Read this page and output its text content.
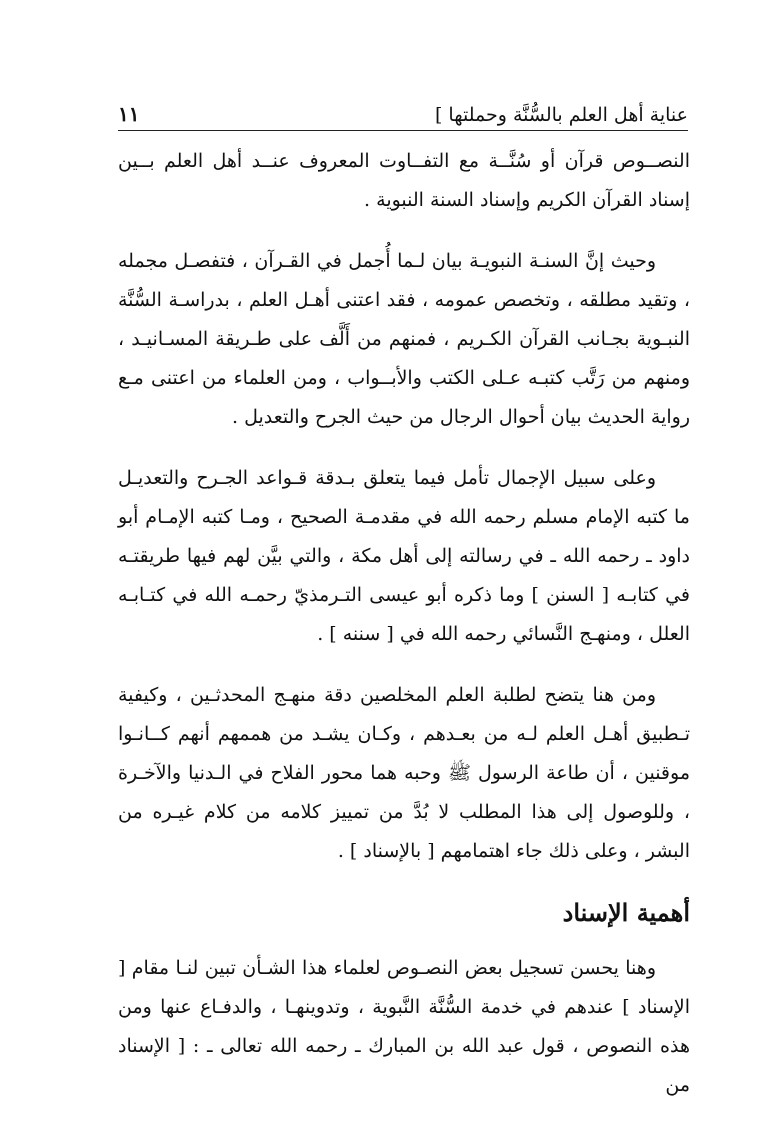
عناية أهل العلم بالسُّنَّة وحملتها ]
١١

النصــوص قرآن أو سُنَّــة مع التفــاوت المعروف عنــد أهل العلم بــين إسناد القرآن الكريم وإسناد السنة النبوية .

وحيث إنَّ السنـة النبويـة بيان لـما أُجمل في القـرآن ، فتفصـل مجمله ، وتقيد مطلقه ، وتخصص عمومه ، فقد اعتنى أهـل العلم ، بدراسـة السُّنَّة النبـوية بجـانب القرآن الكـريم ، فمنهم من أَلَّف على طـريقة المسـانيـد ، ومنهم من رَتَّب كتبـه عـلى الكتب والأبــواب ، ومن العلماء من اعتنى مـع رواية الحديث بيان أحوال الرجال من حيث الجرح والتعديل .

وعلى سبيل الإجمال تأمل فيما يتعلق بـدقة قـواعد الجـرح والتعديـل ما كتبه الإمام مسلم رحمه الله في مقدمـة الصحيح ، ومـا كتبه الإمـام أبو داود ـ رحمه الله ـ في رسالته إلى أهل مكة ، والتي بيَّن لهم فيها طريقتـه في كتابـه [ السنن ] وما ذكره أبو عيسى التـرمذيّ رحمـه الله في كتـابـه العلل ، ومنهـج النَّسائي رحمه الله في [ سننه ] .

ومن هنا يتضح لطلبة العلم المخلصين دقة منهـج المحدثـين ، وكيفية تـطبيق أهـل العلم لـه من بعـدهم ، وكـان يشـد من هممهم أنهم كــانـوا موقنين ، أن طاعة الرسول ﷺ وحبه هما محور الفلاح في الـدنيا والآخـرة ، وللوصول إلى هذا المطلب لا بُدَّ من تمييز كلامه من كلام غيـره من البشر ، وعلى ذلك جاء اهتمامهم [ بالإسناد ] .

أهمية الإسناد

وهنا يحسن تسجيل بعض النصـوص لعلماء هذا الشـأن تبين لنـا مقام [ الإسناد ] عندهم في خدمة السُّنَّة النَّبوية ، وتدوينهـا ، والدفـاع عنها ومن هذه النصوص ، قول عبد الله بن المبارك ـ رحمه الله تعالى ـ : [ الإسناد من
